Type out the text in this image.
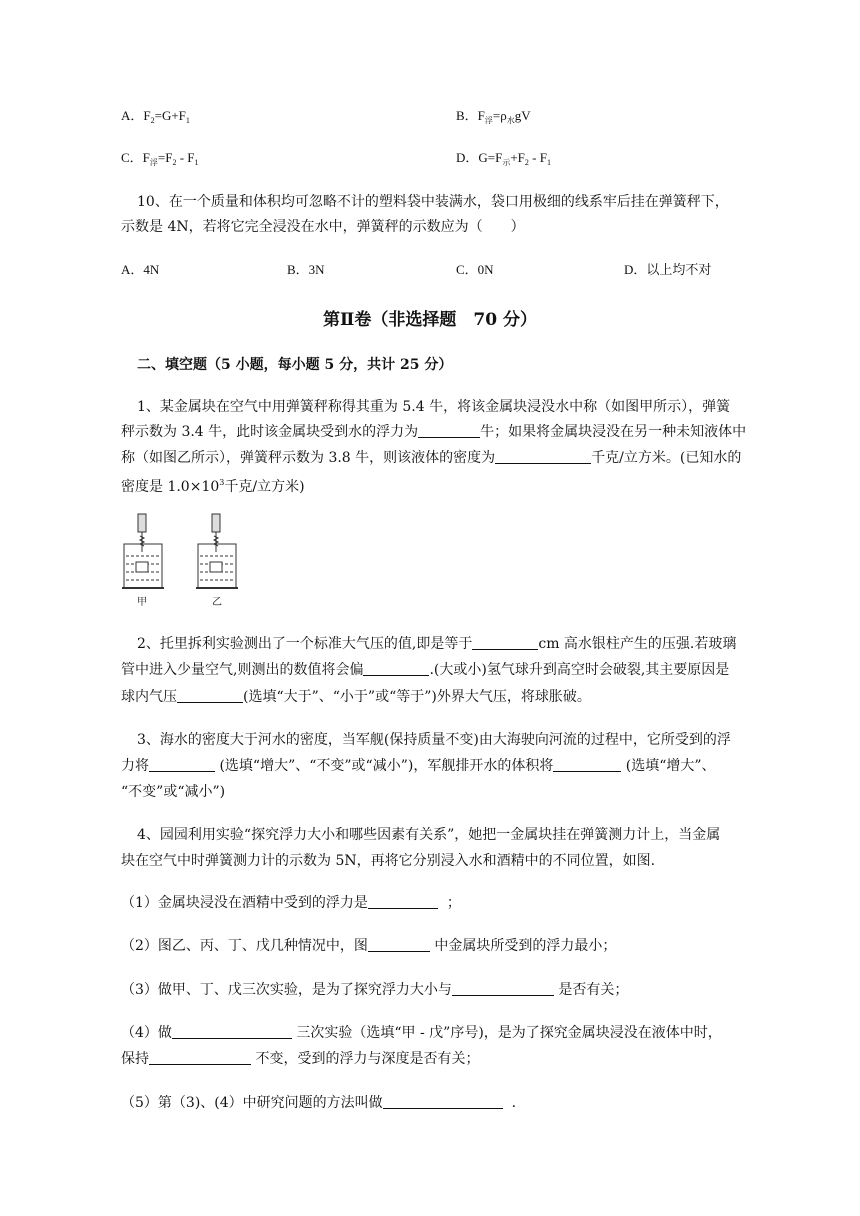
A．$F_2=G+F_1$	B．$F_浮=\rho_水gV$
C．$F_浮=F_2 - F_1$	D．$G=F_示+F_2 - F_1$
10、在一个质量和体积均可忽略不计的塑料袋中装满水，袋口用极细的线系牢后挂在弹簧秤下，
示数是 4N，若将它完全浸没在水中，弹簧秤的示数应为（　　）
A．4N	B．3N	C．0N	D．以上均不对
第Ⅱ卷（非选择题　70 分）
二、填空题（5 小题，每小题 5 分，共计 25 分）
1、某金属块在空气中用弹簧秤称得其重为 5.4 牛，将该金属块浸没水中称（如图甲所示），弹簧
秤示数为 3.4 牛，此时该金属块受到水的浮力为	牛；如果将金属块浸没在另一种未知液体中
称（如图乙所示），弹簧秤示数为 3.8 牛，则该液体的密度为	千克/立方米。(已知水的
密度是 $1.0\times 10^3$千克/立方米)
甲	乙
2、托里拆利实验测出了一个标准大气压的值,即是等于	cm 高水银柱产生的压强.若玻璃
管中进入少量空气,则测出的数值将会偏	.(大或小)氢气球升到高空时会破裂,其主要原因是
球内气压	(选填“大于”、“小于”或“等于”)外界大气压，将球胀破。
3、海水的密度大于河水的密度，当军舰(保持质量不变)由大海驶向河流的过程中，它所受到的浮
力将	(选填“增大”、“不变”或“减小”)，军舰排开水的体积将	(选填“增大”、
“不变”或“减小”)
4、园园利用实验“探究浮力大小和哪些因素有关系”，她把一金属块挂在弹簧测力计上，当金属
块在空气中时弹簧测力计的示数为 5N，再将它分别浸入水和酒精中的不同位置，如图.
（1）金属块浸没在酒精中受到的浮力是	；
（2）图乙、丙、丁、戊几种情况中，图	中金属块所受到的浮力最小；
（3）做甲、丁、戊三次实验，是为了探究浮力大小与	是否有关；
（4）做	三次实验（选填“甲 - 戊”序号)，是为了探究金属块浸没在液体中时，
保持	不变，受到的浮力与深度是否有关；
（5）第（3)、(4）中研究问题的方法叫做	.
